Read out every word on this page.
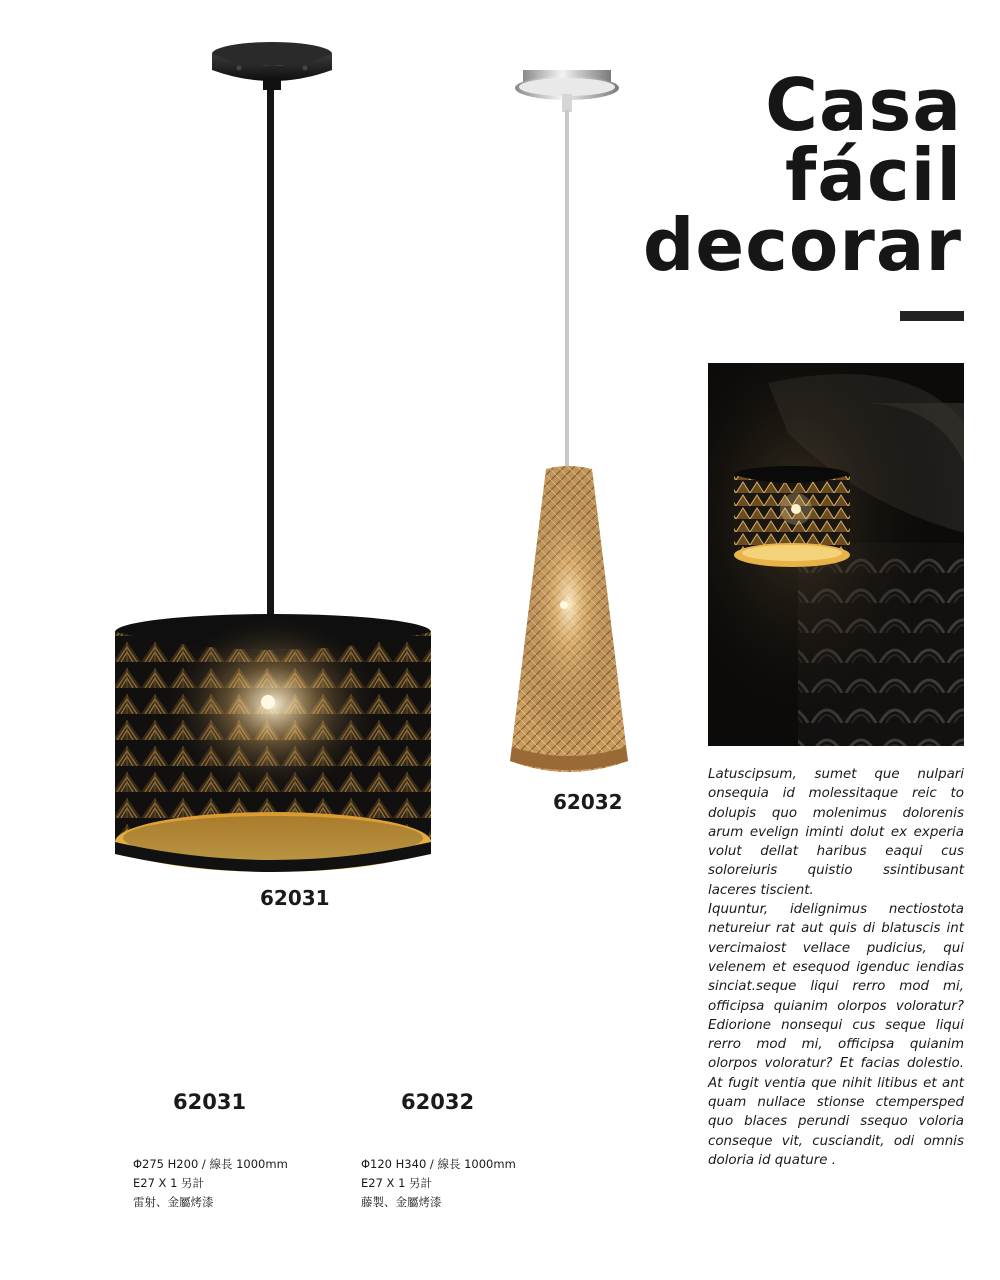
Casa
fácil
decorar
62031
62032

Latuscipsum, sumet que nulpari onsequia id molessitaque reic to dolupis quo molenimus dolorenis arum evelign iminti dolut ex experia volut dellat haribus eaqui cus soloreiuris quistio ssintibusant laceres tiscient.

Iquuntur, idelignimus nectiostota netureiur rat aut quis di blatuscis int vercimaiost vellace pudicius, qui velenem et esequod igenduc iendias sinciat.seque liqui rerro mod mi, officipsa quianim olorpos voloratur?Ediorione nonsequi cus seque liqui rerro mod mi, officipsa quianim olorpos voloratur? Et facias dolestio. At fugit ventia que nihit litibus et ant quam nullace stionse ctempersped quo blaces perundi ssequo voloria conseque vit, cusciandit, odi omnis doloria id quature .

62031
Φ275 H200 / 線長 1000mm
E27 X 1 另計
雷射、金屬烤漆
62032
Φ120 H340 / 線長 1000mm
E27 X 1 另計
藤製、金屬烤漆
